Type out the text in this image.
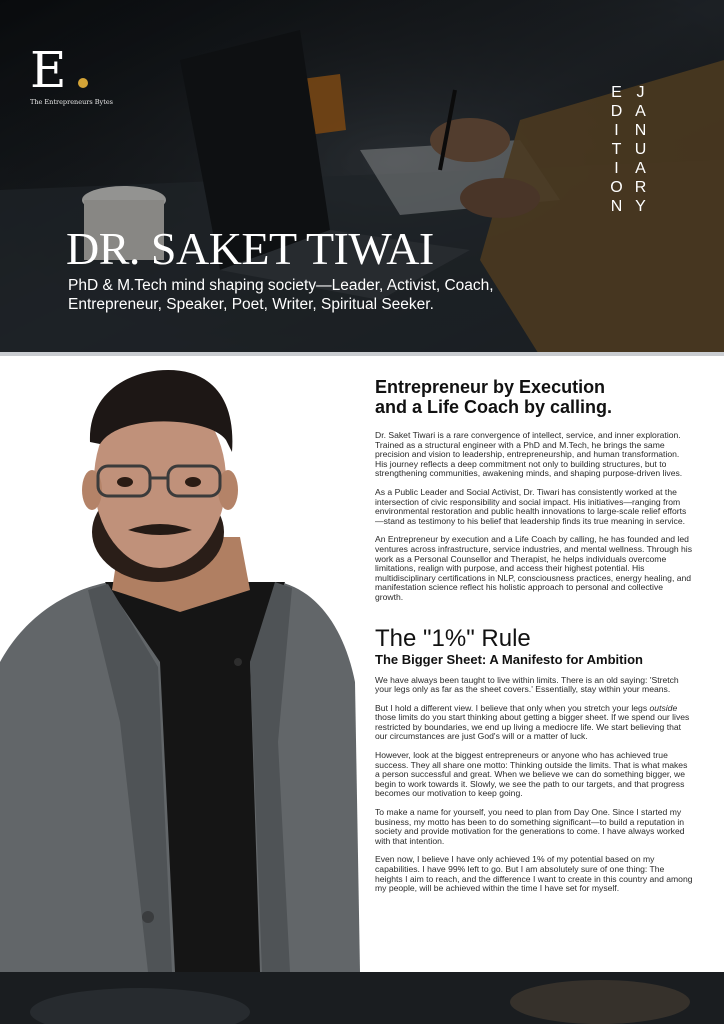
E
The Entrepreneurs Bytes	JANUARY EDITION
DR. SAKET TIWAI

PhD & M.Tech mind shaping society—Leader, Activist, Coach, Entrepreneur, Speaker, Poet, Writer, Spiritual Seeker.

Entrepreneur by Execution
and a Life Coach by calling.

Dr. Saket Tiwari is a rare convergence of intellect, service, and inner exploration. Trained as a structural engineer with a PhD and M.Tech, he brings the same precision and vision to leadership, entrepreneurship, and human transformation. His journey reflects a deep commitment not only to building structures, but to strengthening communities, awakening minds, and shaping purpose-driven lives.

As a Public Leader and Social Activist, Dr. Tiwari has consistently worked at the intersection of civic responsibility and social impact. His initiatives—ranging from environmental restoration and public health innovations to large-scale relief efforts—stand as testimony to his belief that leadership finds its true meaning in service.

An Entrepreneur by execution and a Life Coach by calling, he has founded and led ventures across infrastructure, service industries, and mental wellness. Through his work as a Personal Counsellor and Therapist, he helps individuals overcome limitations, realign with purpose, and access their highest potential. His multidisciplinary certifications in NLP, consciousness practices, energy healing, and manifestation science reflect his holistic approach to personal and collective growth.

The "1%" Rule
The Bigger Sheet: A Manifesto for Ambition

We have always been taught to live within limits. There is an old saying: 'Stretch your legs only as far as the sheet covers.' Essentially, stay within your means.

But I hold a different view. I believe that only when you stretch your legs outside those limits do you start thinking about getting a bigger sheet. If we spend our lives restricted by boundaries, we end up living a mediocre life. We start believing that our circumstances are just God's will or a matter of luck.

However, look at the biggest entrepreneurs or anyone who has achieved true success. They all share one motto: Thinking outside the limits. That is what makes a person successful and great. When we believe we can do something bigger, we begin to work towards it. Slowly, we see the path to our targets, and that progress becomes our motivation to keep going.

To make a name for yourself, you need to plan from Day One. Since I started my business, my motto has been to do something significant—to build a reputation in society and provide motivation for the generations to come. I have always worked with that intention.

Even now, I believe I have only achieved 1% of my potential based on my capabilities. I have 99% left to go. But I am absolutely sure of one thing: The heights I aim to reach, and the difference I want to create in this country and among my people, will be achieved within the time I have set for myself.
